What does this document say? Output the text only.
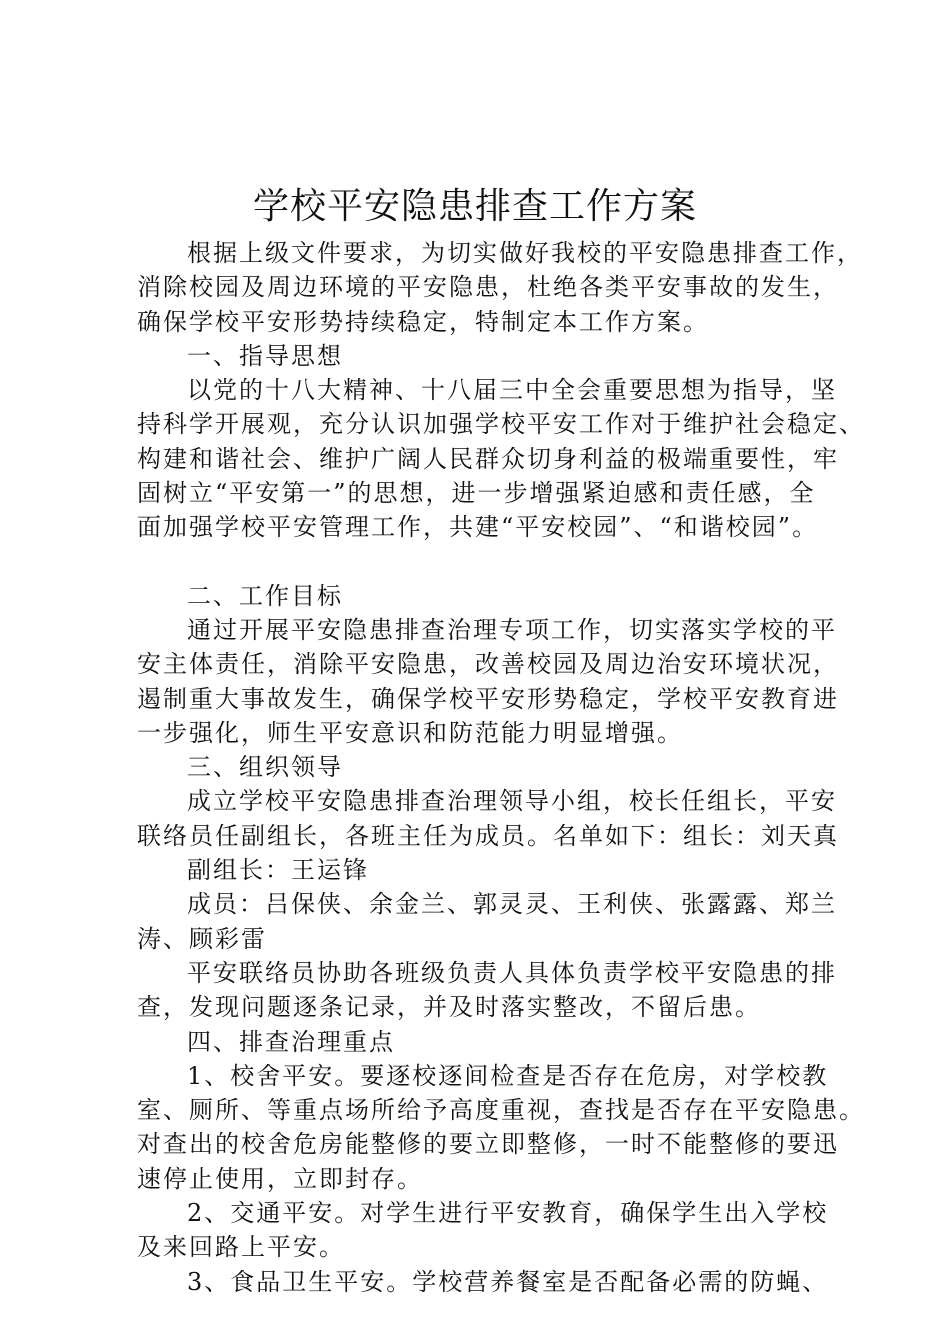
学校平安隐患排查工作方案

根据上级文件要求，为切实做好我校的平安隐患排查工作，

消除校园及周边环境的平安隐患，杜绝各类平安事故的发生，

确保学校平安形势持续稳定，特制定本工作方案。

一、指导思想

以党的十八大精神、十八届三中全会重要思想为指导，坚

持科学开展观，充分认识加强学校平安工作对于维护社会稳定、

构建和谐社会、维护广阔人民群众切身利益的极端重要性，牢

固树立“平安第一”的思想，进一步增强紧迫感和责任感，全

面加强学校平安管理工作，共建“平安校园”、“和谐校园”。

二、工作目标

通过开展平安隐患排查治理专项工作，切实落实学校的平

安主体责任，消除平安隐患，改善校园及周边治安环境状况，

遏制重大事故发生，确保学校平安形势稳定，学校平安教育进

一步强化，师生平安意识和防范能力明显增强。

三、组织领导

成立学校平安隐患排查治理领导小组，校长任组长，平安

联络员任副组长，各班主任为成员。名单如下：组长：刘天真

副组长：王运锋

成员：吕保侠、余金兰、郭灵灵、王利侠、张露露、郑兰

涛、顾彩雷

平安联络员协助各班级负责人具体负责学校平安隐患的排

查，发现问题逐条记录，并及时落实整改，不留后患。

四、排查治理重点

1、校舍平安。要逐校逐间检查是否存在危房，对学校教

室、厕所、等重点场所给予高度重视，查找是否存在平安隐患。

对查出的校舍危房能整修的要立即整修，一时不能整修的要迅

速停止使用，立即封存。

2、交通平安。对学生进行平安教育，确保学生出入学校

及来回路上平安。

3、食品卫生平安。学校营养餐室是否配备必需的防蝇、
